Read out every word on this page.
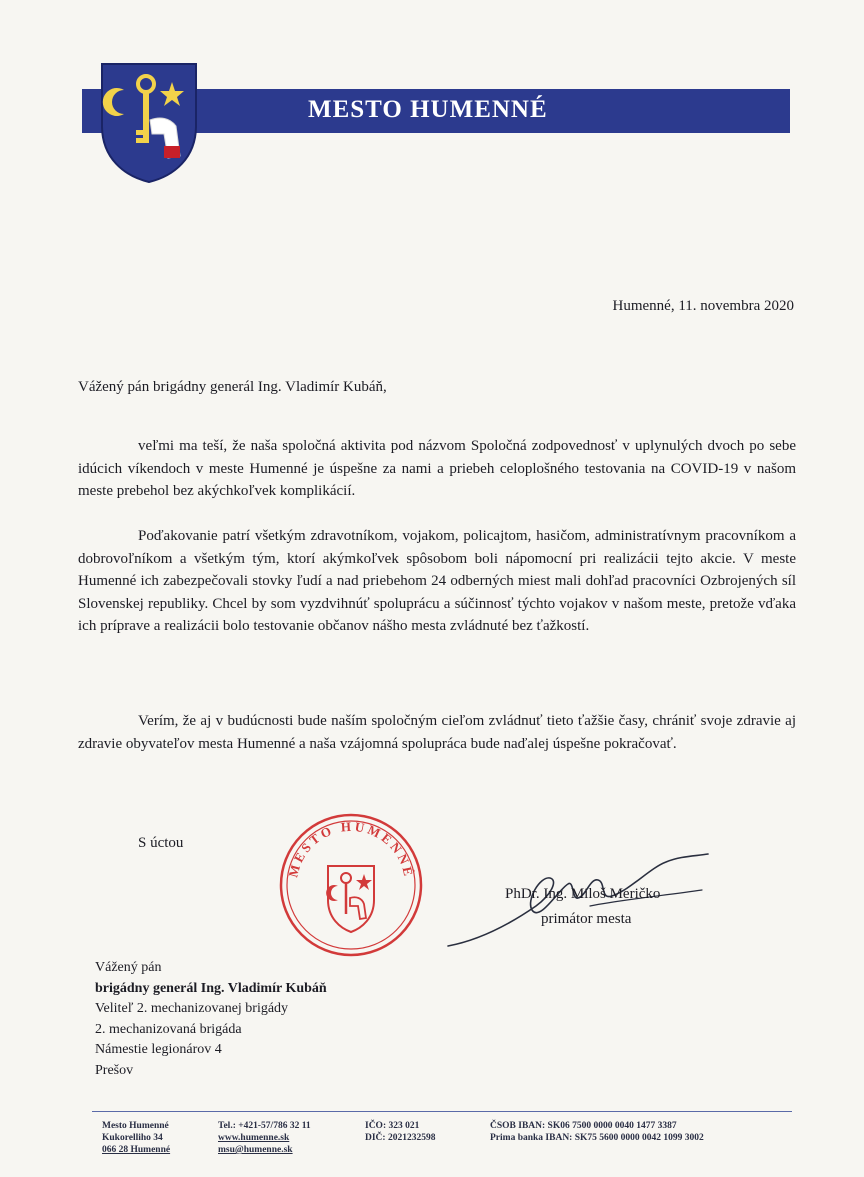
MESTO HUMENNÉ
Humenné, 11. novembra 2020
Vážený pán brigádny generál Ing. Vladimír Kubáň,

veľmi ma teší, že naša spoločná aktivita pod názvom Spoločná zodpovednosť v uplynulých dvoch po sebe idúcich víkendoch v meste Humenné je úspešne za nami a priebeh celoplošného testovania na COVID-19 v našom meste prebehol bez akýchkoľvek komplikácií.

Poďakovanie patrí všetkým zdravotníkom, vojakom, policajtom, hasičom, administratívnym pracovníkom a dobrovoľníkom a všetkým tým, ktorí akýmkoľvek spôsobom boli nápomocní pri realizácii tejto akcie. V meste Humenné ich zabezpečovali stovky ľudí a nad priebehom 24 odberných miest mali dohľad pracovníci Ozbrojených síl Slovenskej republiky. Chcel by som vyzdvihnúť spoluprácu a súčinnosť týchto vojakov v našom meste, pretože vďaka ich príprave a realizácii bolo testovanie občanov nášho mesta zvládnuté bez ťažkostí.

Verím, že aj v budúcnosti bude naším spoločným cieľom zvládnuť tieto ťažšie časy, chrániť svoje zdravie aj zdravie obyvateľov mesta Humenné a naša vzájomná spolupráca bude naďalej úspešne pokračovať.

S úctou
MESTO HUMENNÉ
PhDr. Ing. Miloš Meričko
primátor mesta
Vážený pán
brigádny generál Ing. Vladimír Kubáň
Veliteľ 2. mechanizovanej brigády
2. mechanizovaná brigáda
Námestie legionárov 4
Prešov
Mesto Humenné
Kukorelliho 34
066 28 Humenné
Tel.: +421-57/786 32 11
www.humenne.sk
msu@humenne.sk
IČO: 323 021
DIČ: 2021232598
ČSOB IBAN: SK06 7500 0000 0040 1477 3387
Prima banka IBAN: SK75 5600 0000 0042 1099 3002
